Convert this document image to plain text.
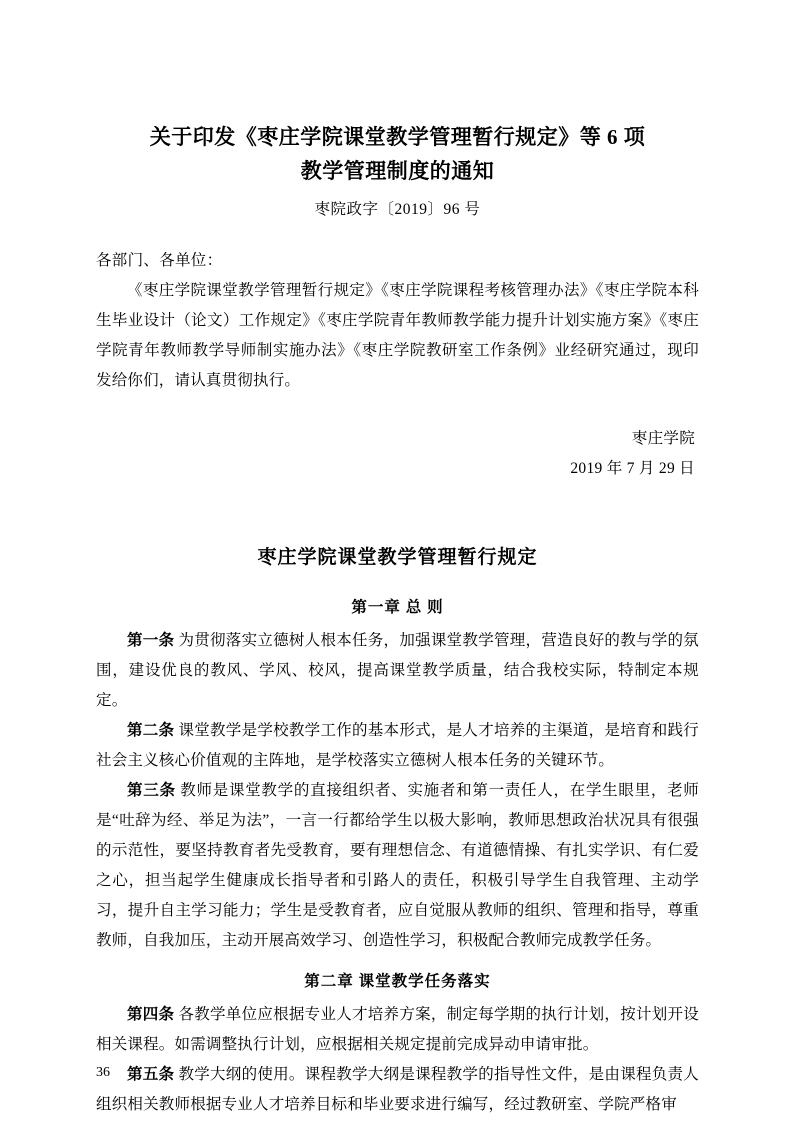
关于印发《枣庄学院课堂教学管理暂行规定》等 6 项
教学管理制度的通知
枣院政字〔2019〕96 号
各部门、各单位：

《枣庄学院课堂教学管理暂行规定》《枣庄学院课程考核管理办法》《枣庄学院本科生毕业设计（论文）工作规定》《枣庄学院青年教师教学能力提升计划实施方案》《枣庄学院青年教师教学导师制实施办法》《枣庄学院教研室工作条例》业经研究通过，现印发给你们，请认真贯彻执行。

枣庄学院
2019 年 7 月 29 日
枣庄学院课堂教学管理暂行规定
第一章 总 则

第一条 为贯彻落实立德树人根本任务，加强课堂教学管理，营造良好的教与学的氛围，建设优良的教风、学风、校风，提高课堂教学质量，结合我校实际，特制定本规定。

第二条 课堂教学是学校教学工作的基本形式，是人才培养的主渠道，是培育和践行社会主义核心价值观的主阵地，是学校落实立德树人根本任务的关键环节。

第三条 教师是课堂教学的直接组织者、实施者和第一责任人，在学生眼里，老师是“吐辞为经、举足为法”，一言一行都给学生以极大影响，教师思想政治状况具有很强的示范性，要坚持教育者先受教育，要有理想信念、有道德情操、有扎实学识、有仁爱之心，担当起学生健康成长指导者和引路人的责任，积极引导学生自我管理、主动学习，提升自主学习能力；学生是受教育者，应自觉服从教师的组织、管理和指导，尊重教师，自我加压，主动开展高效学习、创造性学习，积极配合教师完成教学任务。

第二章 课堂教学任务落实

第四条 各教学单位应根据专业人才培养方案，制定每学期的执行计划，按计划开设相关课程。如需调整执行计划，应根据相关规定提前完成异动申请审批。

第五条 教学大纲的使用。课程教学大纲是课程教学的指导性文件，是由课程负责人组织相关教师根据专业人才培养目标和毕业要求进行编写，经过教研室、学院严格审

36
